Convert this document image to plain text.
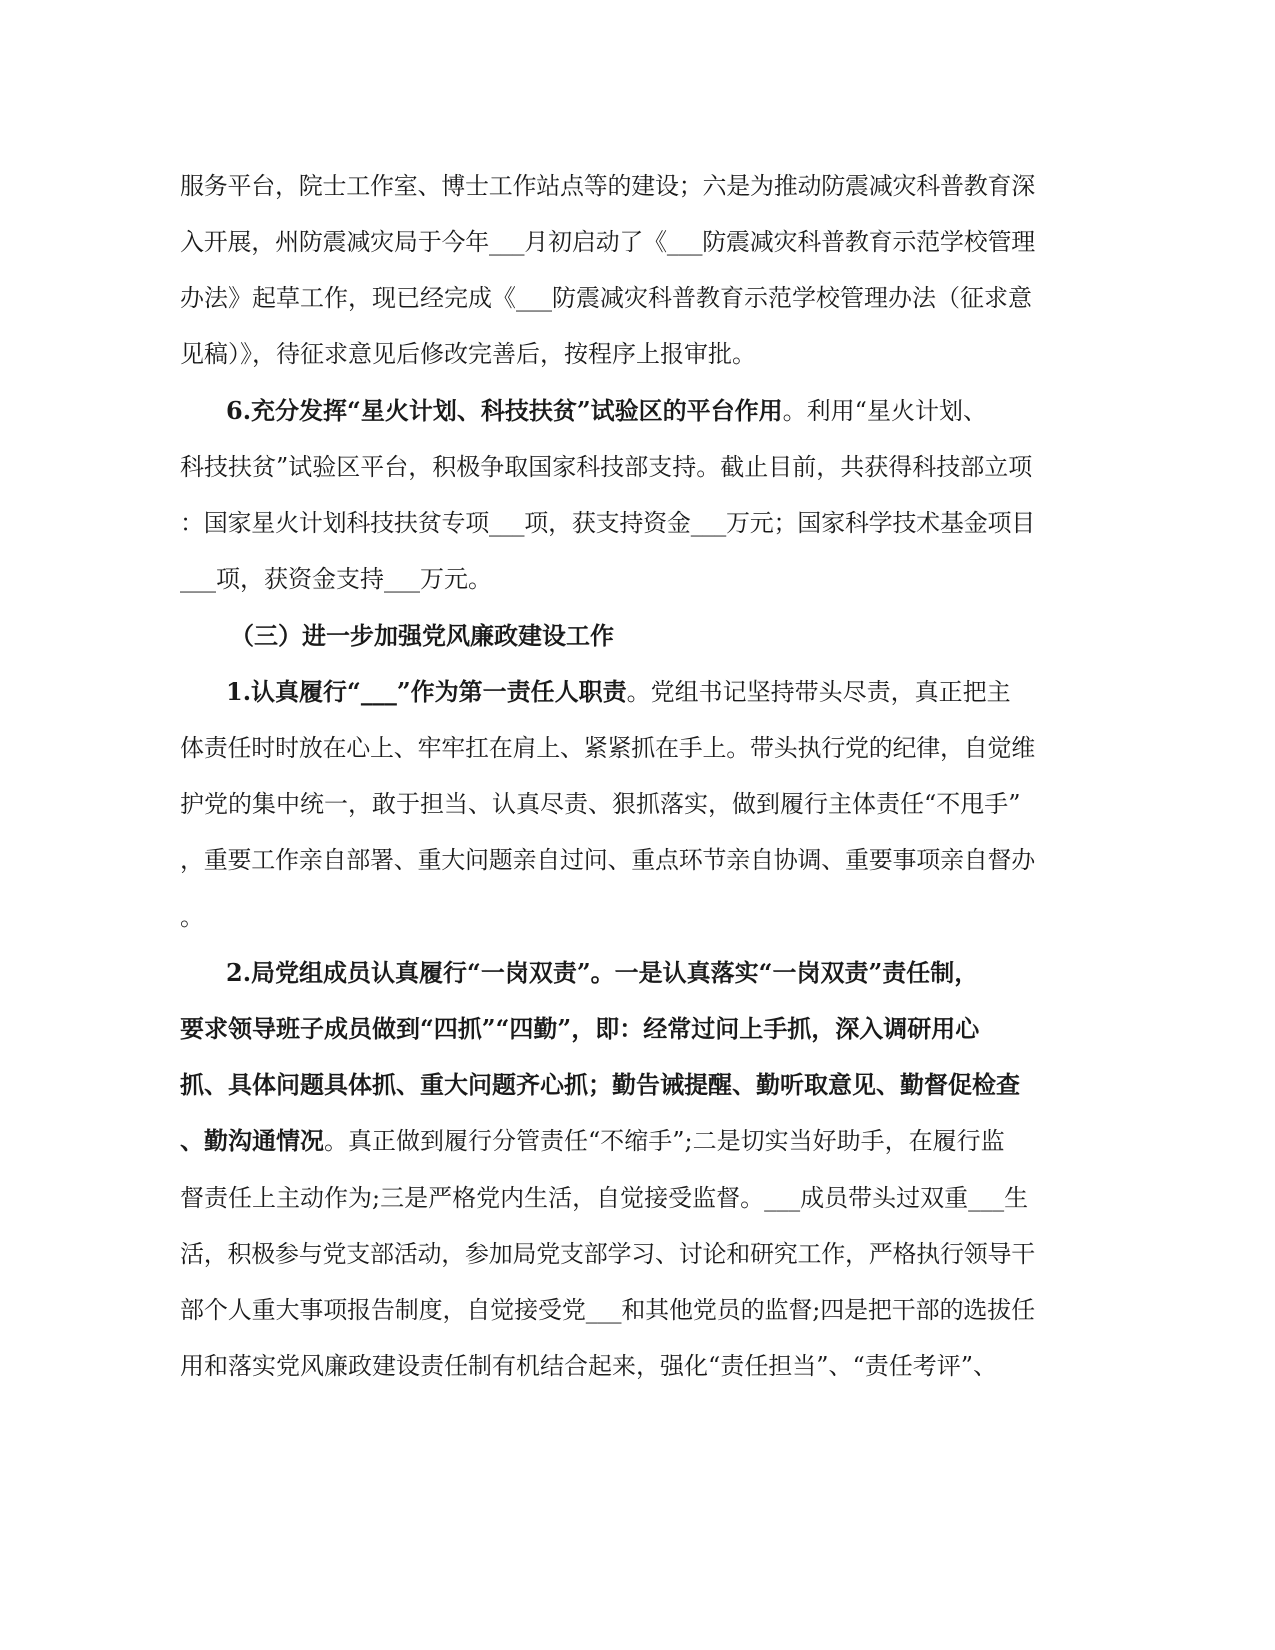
服务平台，院士工作室、博士工作站点等的建设；六是为推动防震减灾科普教育深
入开展，州防震减灾局于今年___月初启动了《___防震减灾科普教育示范学校管理
办法》起草工作，现已经完成《___防震减灾科普教育示范学校管理办法（征求意
见稿）》，待征求意见后修改完善后，按程序上报审批。
6.充分发挥“星火计划、科技扶贫”试验区的平台作用。利用“星火计划、
科技扶贫”试验区平台，积极争取国家科技部支持。截止目前，共获得科技部立项
：国家星火计划科技扶贫专项___项，获支持资金___万元；国家科学技术基金项目
___项，获资金支持___万元。
（三）进一步加强党风廉政建设工作
1.认真履行“___”作为第一责任人职责。党组书记坚持带头尽责，真正把主
体责任时时放在心上、牢牢扛在肩上、紧紧抓在手上。带头执行党的纪律，自觉维
护党的集中统一，敢于担当、认真尽责、狠抓落实，做到履行主体责任“不甩手”
，重要工作亲自部署、重大问题亲自过问、重点环节亲自协调、重要事项亲自督办
。
2.局党组成员认真履行“一岗双责”。一是认真落实“一岗双责”责任制，
要求领导班子成员做到“四抓”“四勤”，即：经常过问上手抓，深入调研用心
抓、具体问题具体抓、重大问题齐心抓；勤告诫提醒、勤听取意见、勤督促检查
、勤沟通情况。真正做到履行分管责任“不缩手”;二是切实当好助手，在履行监
督责任上主动作为;三是严格党内生活，自觉接受监督。___成员带头过双重___生
活，积极参与党支部活动，参加局党支部学习、讨论和研究工作，严格执行领导干
部个人重大事项报告制度，自觉接受党___和其他党员的监督;四是把干部的选拔任
用和落实党风廉政建设责任制有机结合起来，强化“责任担当”、“责任考评”、
